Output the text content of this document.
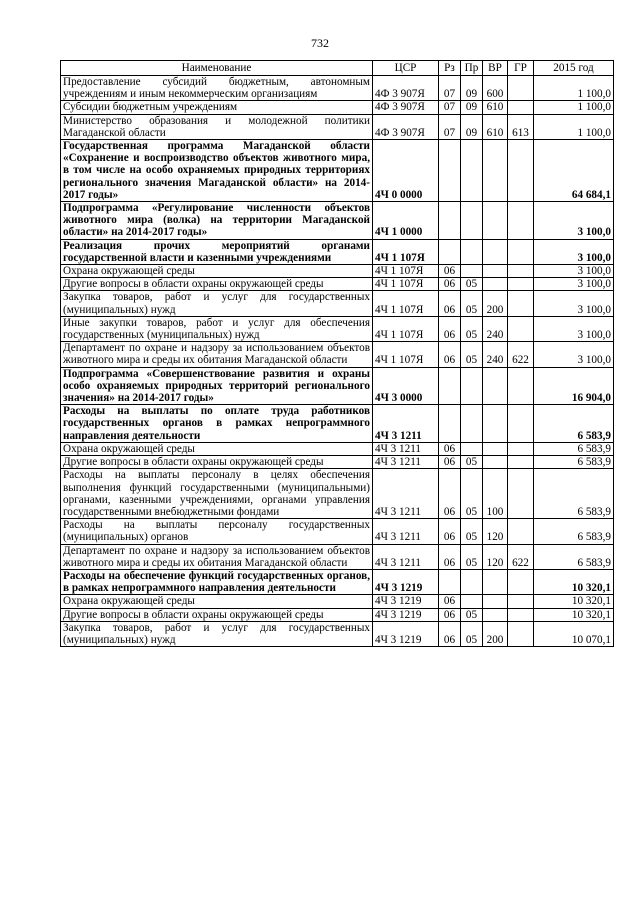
732
Наименование	ЦСР	Рз	Пр	ВР	ГР	2015 год
Предоставление субсидий бюджетным, автономным учреждениям и иным некоммерческим организациям	4Ф 3 907Я	07	09	600		1 100,0
Субсидии бюджетным учреждениям	4Ф 3 907Я	07	09	610		1 100,0
Министерство образования и молодежной политики Магаданской области	4Ф 3 907Я	07	09	610	613	1 100,0
Государственная программа Магаданской области «Сохранение и воспроизводство объектов животного мира, в том числе на особо охраняемых природных территориях регионального значения Магаданской области» на 2014-2017 годы»	4Ч 0 0000					64 684,1
Подпрограмма «Регулирование численности объектов животного мира (волка) на территории Магаданской области» на 2014-2017 годы»	4Ч 1 0000					3 100,0
Реализация прочих мероприятий органами государственной власти и казенными учреждениями	4Ч 1 107Я					3 100,0
Охрана окружающей среды	4Ч 1 107Я	06				3 100,0
Другие вопросы в области охраны окружающей среды	4Ч 1 107Я	06	05			3 100,0
Закупка товаров, работ и услуг для государственных (муниципальных) нужд	4Ч 1 107Я	06	05	200		3 100,0
Иные закупки товаров, работ и услуг для обеспечения государственных (муниципальных) нужд	4Ч 1 107Я	06	05	240		3 100,0
Департамент по охране и надзору за использованием объектов животного мира и среды их обитания Магаданской области	4Ч 1 107Я	06	05	240	622	3 100,0
Подпрограмма «Совершенствование развития и охраны особо охраняемых природных территорий регионального значения» на 2014-2017 годы»	4Ч 3 0000					16 904,0
Расходы на выплаты по оплате труда работников государственных органов в рамках непрограммного направления деятельности	4Ч 3 1211					6 583,9
Охрана окружающей среды	4Ч 3 1211	06				6 583,9
Другие вопросы в области охраны окружающей среды	4Ч 3 1211	06	05			6 583,9
Расходы на выплаты персоналу в целях обеспечения выполнения функций государственными (муниципальными) органами, казенными учреждениями, органами управления государственными внебюджетными фондами	4Ч 3 1211	06	05	100		6 583,9
Расходы на выплаты персоналу государственных (муниципальных) органов	4Ч 3 1211	06	05	120		6 583,9
Департамент по охране и надзору за использованием объектов животного мира и среды их обитания Магаданской области	4Ч 3 1211	06	05	120	622	6 583,9
Расходы на обеспечение функций государственных органов, в рамках непрограммного направления деятельности	4Ч 3 1219					10 320,1
Охрана окружающей среды	4Ч 3 1219	06				10 320,1
Другие вопросы в области охраны окружающей среды	4Ч 3 1219	06	05			10 320,1
Закупка товаров, работ и услуг для государственных (муниципальных) нужд	4Ч 3 1219	06	05	200		10 070,1
